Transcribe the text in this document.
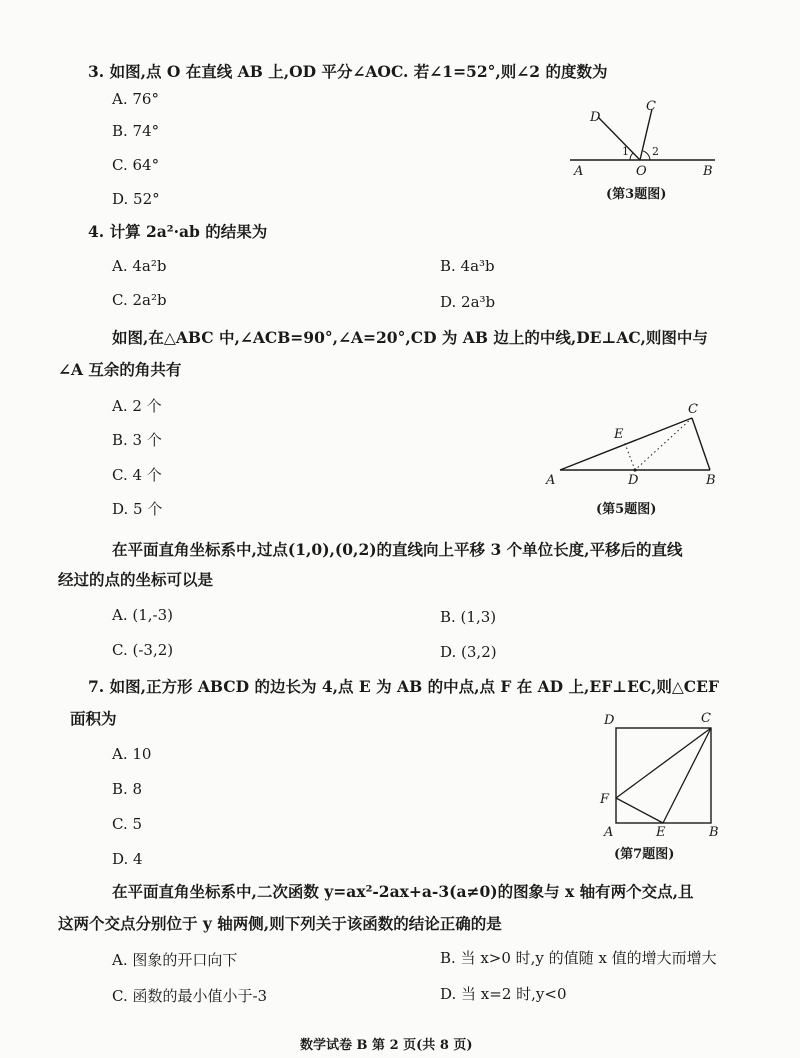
3. 如图,点 O 在直线 AB 上,OD 平分∠AOC. 若∠1=52°,则∠2 的度数为
A. 76°
B. 74°
C. 64°
D. 52°
D
C
1 2
A	O	B
(第3题图)
4. 计算 2a²·ab 的结果为
A. 4a²b	B. 4a³b
C. 2a²b	D. 2a³b
如图,在△ABC 中,∠ACB=90°,∠A=20°,CD 为 AB 边上的中线,DE⊥AC,则图中与
∠A 互余的角共有
A. 2 个
B. 3 个
C. 4 个
D. 5 个
C
E
A	D	B
(第5题图)
在平面直角坐标系中,过点(1,0),(0,2)的直线向上平移 3 个单位长度,平移后的直线
经过的点的坐标可以是
A. (1,-3)	B. (1,3)
C. (-3,2)	D. (3,2)
7. 如图,正方形 ABCD 的边长为 4,点 E 为 AB 的中点,点 F 在 AD 上,EF⊥EC,则△CEF
面积为
A. 10
B. 8
C. 5
D. 4
D	C
F
A	E	B
(第7题图)
在平面直角坐标系中,二次函数 y=ax²-2ax+a-3(a≠0)的图象与 x 轴有两个交点,且
这两个交点分别位于 y 轴两侧,则下列关于该函数的结论正确的是
A. 图象的开口向下	B. 当 x>0 时,y 的值随 x 值的增大而增大
C. 函数的最小值小于-3	D. 当 x=2 时,y<0
数学试卷 B 第 2 页(共 8 页)
